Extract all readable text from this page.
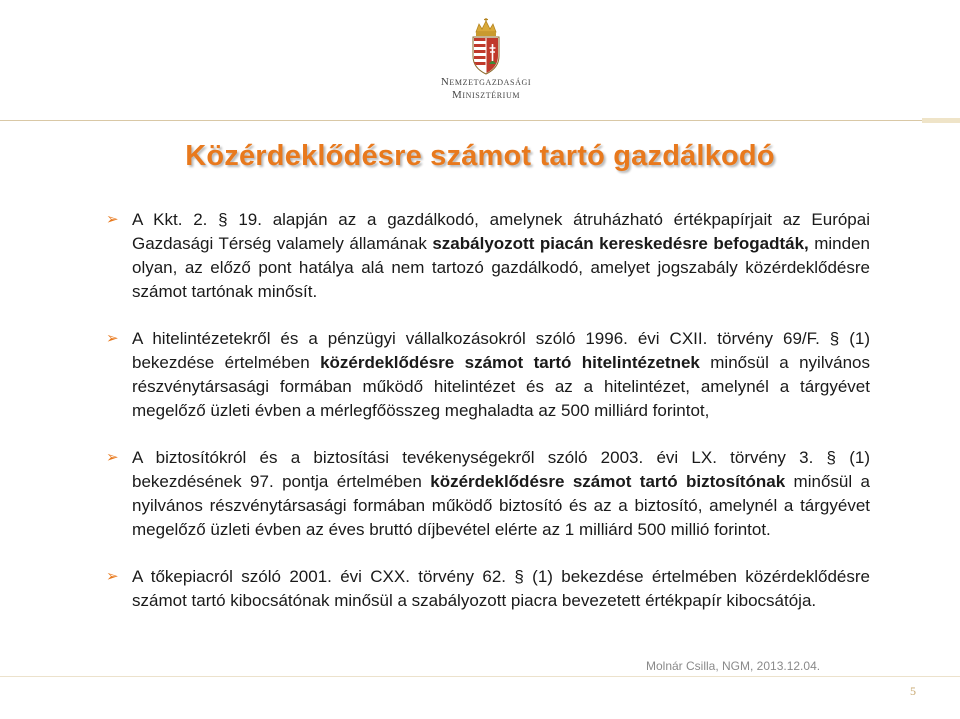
Nemzetgazdasági
Minisztérium
Közérdeklődésre számot tartó gazdálkodó
➢ A Kkt. 2. § 19. alapján az a gazdálkodó, amelynek átruházható értékpapírjait az Európai Gazdasági Térség valamely államának szabályozott piacán kereskedésre befogadták, minden olyan, az előző pont hatálya alá nem tartozó gazdálkodó, amelyet jogszabály közérdeklődésre számot tartónak minősít.
➢ A hitelintézetekről és a pénzügyi vállalkozásokról szóló 1996. évi CXII. törvény 69/F. § (1) bekezdése értelmében közérdeklődésre számot tartó hitelintézetnek minősül a nyilvános részvénytársasági formában működő hitelintézet és az a hitelintézet, amelynél a tárgyévet megelőző üzleti évben a mérlegfőösszeg meghaladta az 500 milliárd forintot,
➢ A biztosítókról és a biztosítási tevékenységekről szóló 2003. évi LX. törvény 3. § (1) bekezdésének 97. pontja értelmében közérdeklődésre számot tartó biztosítónak minősül a nyilvános részvénytársasági formában működő biztosító és az a biztosító, amelynél a tárgyévet megelőző üzleti évben az éves bruttó díjbevétel elérte az 1 milliárd 500 millió forintot.
➢ A tőkepiacról szóló 2001. évi CXX. törvény 62. § (1) bekezdése értelmében közérdeklődésre számot tartó kibocsátónak minősül a szabályozott piacra bevezetett értékpapír kibocsátója.
Molnár Csilla, NGM, 2013.12.04.
5
